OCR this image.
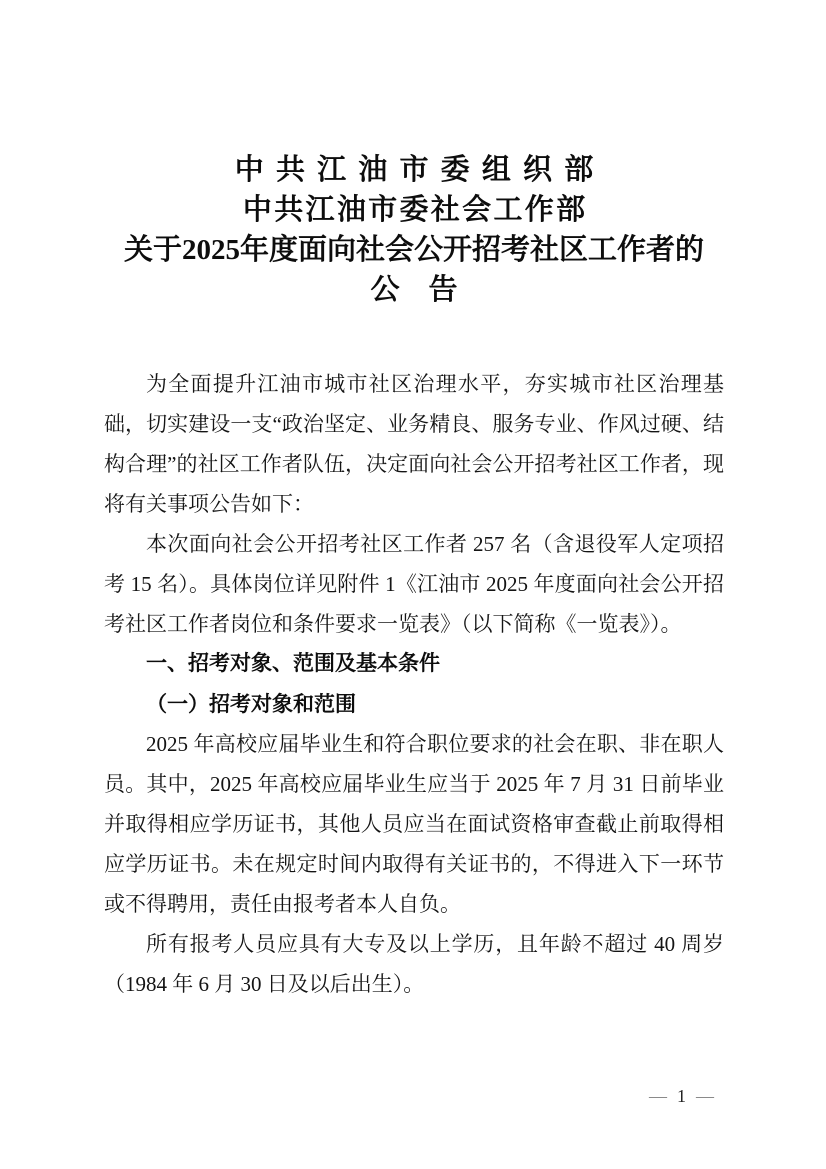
中共江油市委组织部
中共江油市委社会工作部
关于2025年度面向社会公开招考社区工作者的
公　告

为全面提升江油市城市社区治理水平，夯实城市社区治理基础，切实建设一支“政治坚定、业务精良、服务专业、作风过硬、结构合理”的社区工作者队伍，决定面向社会公开招考社区工作者，现将有关事项公告如下：

本次面向社会公开招考社区工作者 257 名（含退役军人定项招考 15 名）。具体岗位详见附件 1《江油市 2025 年度面向社会公开招考社区工作者岗位和条件要求一览表》（以下简称《一览表》）。

一、招考对象、范围及基本条件

（一）招考对象和范围

2025 年高校应届毕业生和符合职位要求的社会在职、非在职人员。其中，2025 年高校应届毕业生应当于 2025 年 7 月 31 日前毕业并取得相应学历证书，其他人员应当在面试资格审查截止前取得相应学历证书。未在规定时间内取得有关证书的，不得进入下一环节或不得聘用，责任由报考者本人自负。

所有报考人员应具有大专及以上学历，且年龄不超过 40 周岁（1984 年 6 月 30 日及以后出生）。

— 1 —
